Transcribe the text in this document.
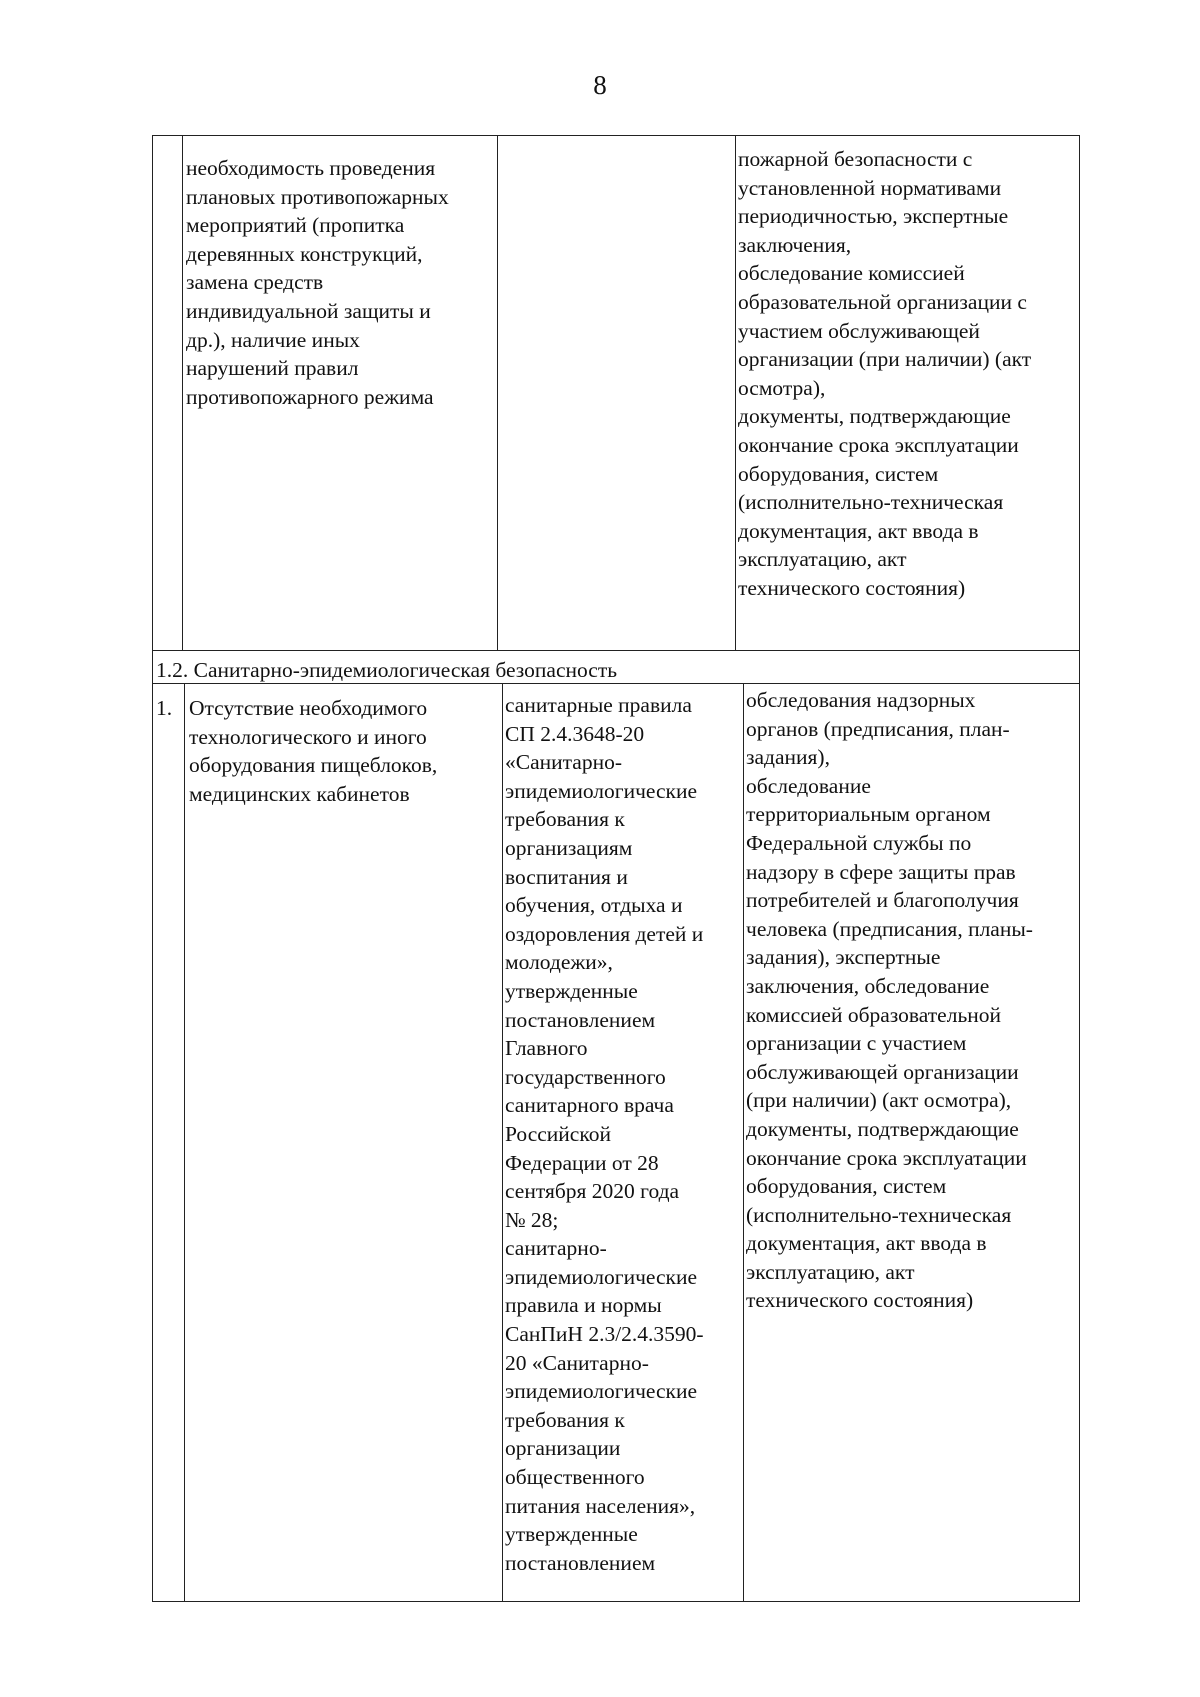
8
необходимость проведения
плановых противопожарных
мероприятий (пропитка
деревянных конструкций,
замена средств
индивидуальной защиты и
др.), наличие иных
нарушений правил
противопожарного режима
пожарной безопасности с
установленной нормативами
периодичностью, экспертные
заключения,
обследование комиссией
образовательной организации с
участием обслуживающей
организации (при наличии) (акт
осмотра),
документы, подтверждающие
окончание срока эксплуатации
оборудования, систем
(исполнительно-техническая
документация, акт ввода в
эксплуатацию, акт
технического состояния)
1.2. Санитарно-эпидемиологическая безопасность
1. Отсутствие необходимого
технологического и иного
оборудования пищеблоков,
медицинских кабинетов
санитарные правила
СП 2.4.3648-20
«Санитарно-
эпидемиологические
требования к
организациям
воспитания и
обучения, отдыха и
оздоровления детей и
молодежи»,
утвержденные
постановлением
Главного
государственного
санитарного врача
Российской
Федерации от 28
сентября 2020 года
№ 28;
санитарно-
эпидемиологические
правила и нормы
СанПиН 2.3/2.4.3590-
20 «Санитарно-
эпидемиологические
требования к
организации
общественного
питания населения»,
утвержденные
постановлением
обследования надзорных
органов (предписания, план-
задания),
обследование
территориальным органом
Федеральной службы по
надзору в сфере защиты прав
потребителей и благополучия
человека (предписания, планы-
задания), экспертные
заключения, обследование
комиссией образовательной
организации с участием
обслуживающей организации
(при наличии) (акт осмотра),
документы, подтверждающие
окончание срока эксплуатации
оборудования, систем
(исполнительно-техническая
документация, акт ввода в
эксплуатацию, акт
технического состояния)
